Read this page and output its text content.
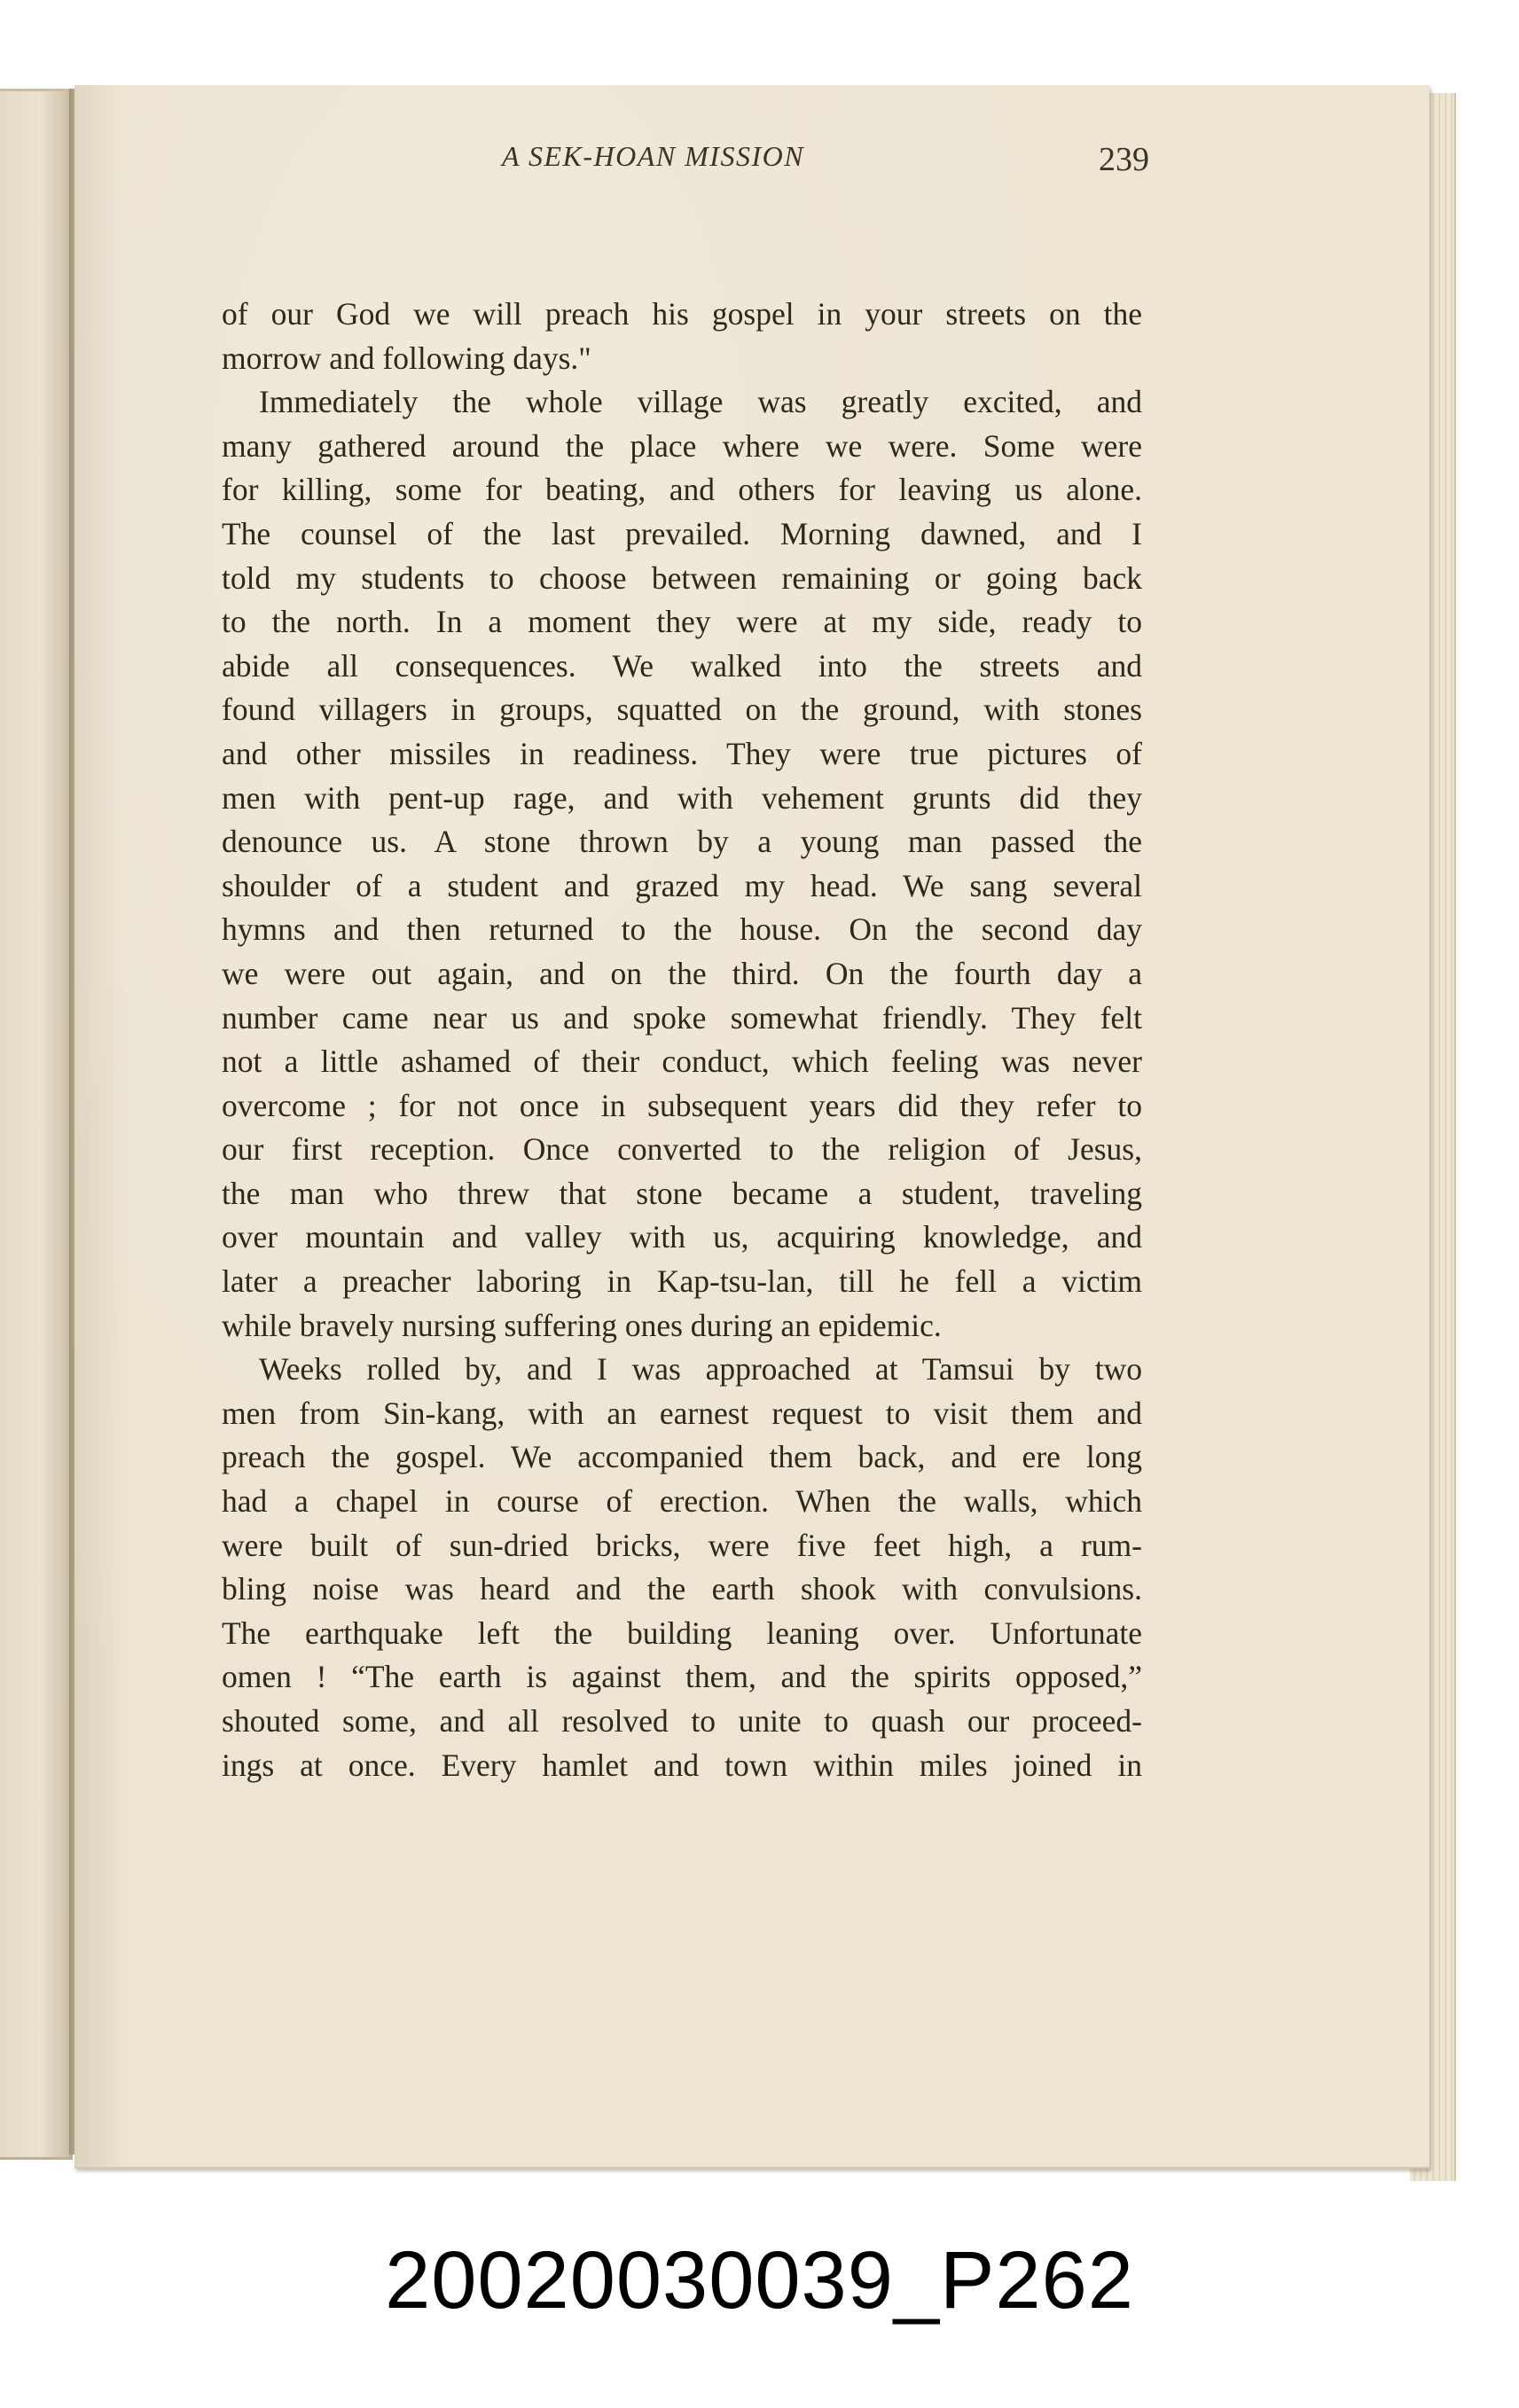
A SEK-HOAN MISSION	239

of our God we will preach his gospel in your streets on the
morrow and following days."

Immediately the whole village was greatly excited, and
many gathered around the place where we were. Some were
for killing, some for beating, and others for leaving us alone.
The counsel of the last prevailed. Morning dawned, and I
told my students to choose between remaining or going back
to the north. In a moment they were at my side, ready to
abide all consequences. We walked into the streets and
found villagers in groups, squatted on the ground, with stones
and other missiles in readiness. They were true pictures of
men with pent-up rage, and with vehement grunts did they
denounce us. A stone thrown by a young man passed the
shoulder of a student and grazed my head. We sang several
hymns and then returned to the house. On the second day
we were out again, and on the third. On the fourth day a
number came near us and spoke somewhat friendly. They felt
not a little ashamed of their conduct, which feeling was never
overcome ; for not once in subsequent years did they refer to
our first reception. Once converted to the religion of Jesus,
the man who threw that stone became a student, traveling
over mountain and valley with us, acquiring knowledge, and
later a preacher laboring in Kap-tsu-lan, till he fell a victim
while bravely nursing suffering ones during an epidemic.

Weeks rolled by, and I was approached at Tamsui by two
men from Sin-kang, with an earnest request to visit them and
preach the gospel. We accompanied them back, and ere long
had a chapel in course of erection. When the walls, which
were built of sun-dried bricks, were five feet high, a rum-
bling noise was heard and the earth shook with convulsions.
The earthquake left the building leaning over. Unfortunate
omen ! “The earth is against them, and the spirits opposed,”
shouted some, and all resolved to unite to quash our proceed-
ings at once. Every hamlet and town within miles joined in

20020030039_P262
